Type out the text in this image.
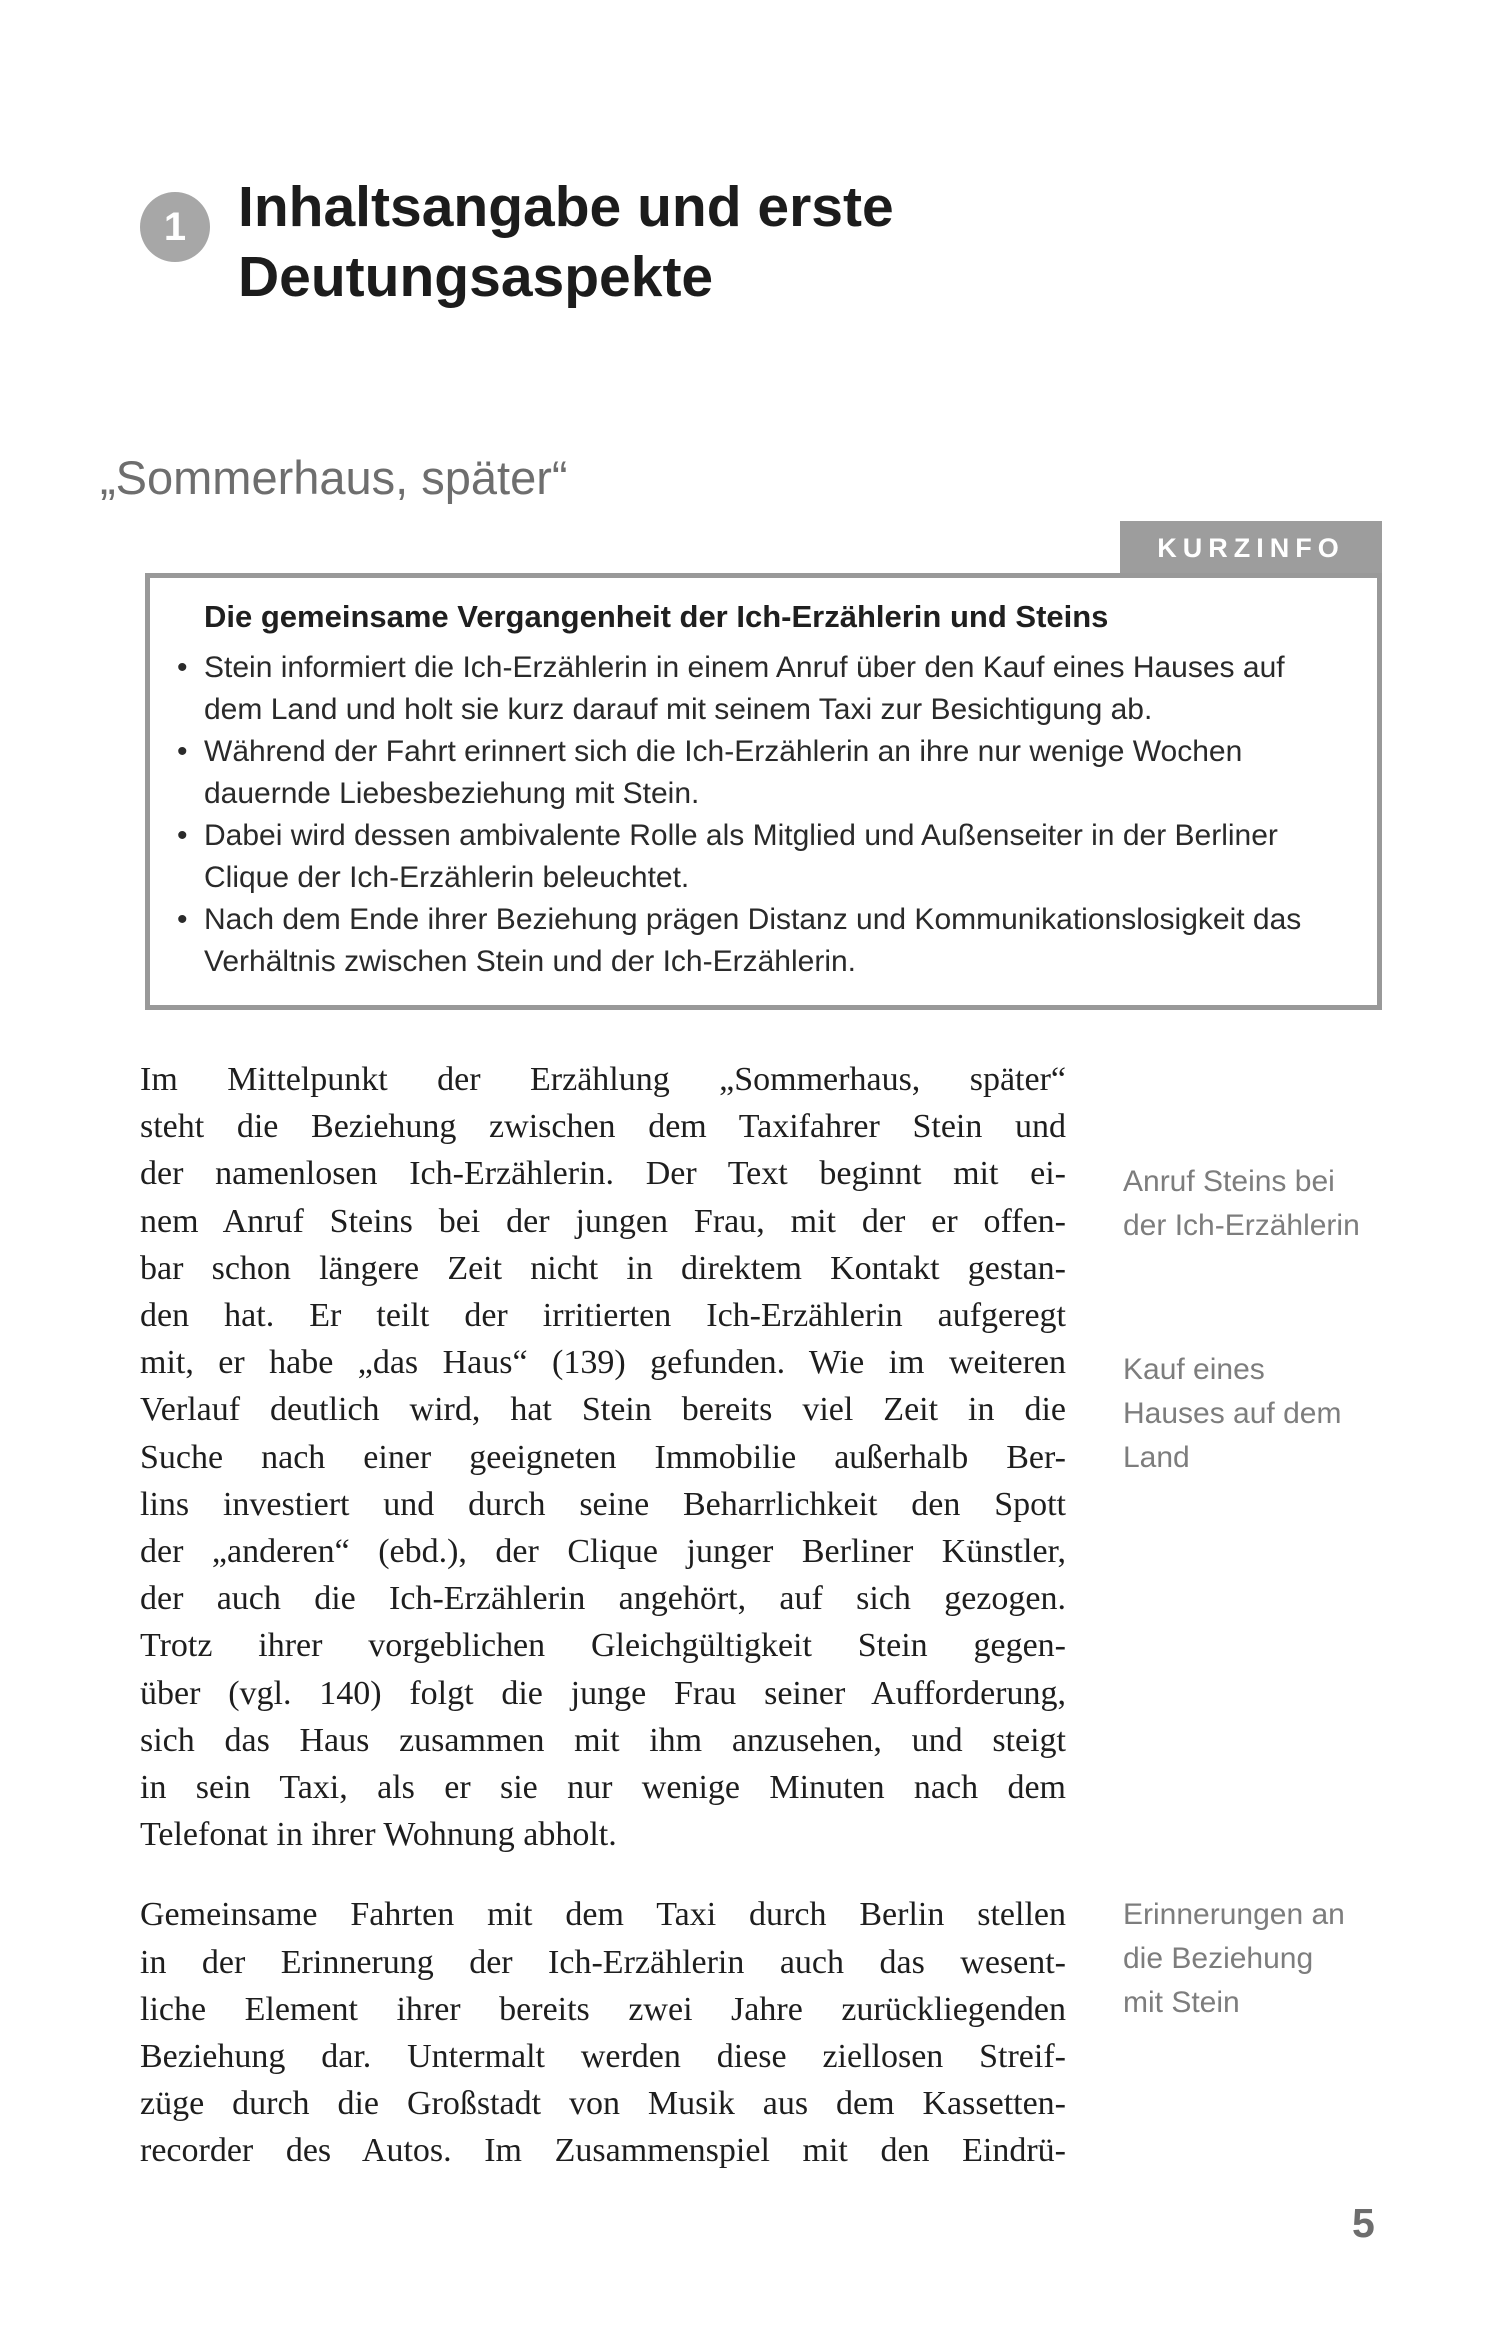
1 Inhaltsangabe und erste
Deutungsaspekte
„Sommerhaus, später“
KURZINFO
Die gemeinsame Vergangenheit der Ich-Erzählerin und Steins
• Stein informiert die Ich-Erzählerin in einem Anruf über den Kauf eines Hauses auf dem Land und holt sie kurz darauf mit seinem Taxi zur Besichtigung ab.
• Während der Fahrt erinnert sich die Ich-Erzählerin an ihre nur wenige Wochen dauernde Liebesbeziehung mit Stein.
• Dabei wird dessen ambivalente Rolle als Mitglied und Außenseiter in der Berliner Clique der Ich-Erzählerin beleuchtet.
• Nach dem Ende ihrer Beziehung prägen Distanz und Kommunikationslosigkeit das Verhältnis zwischen Stein und der Ich-Erzählerin.
Im Mittelpunkt der Erzählung „Sommerhaus, später“
steht die Beziehung zwischen dem Taxifahrer Stein und
der namenlosen Ich-Erzählerin. Der Text beginnt mit ei-
nem Anruf Steins bei der jungen Frau, mit der er offen-
bar schon längere Zeit nicht in direktem Kontakt gestan-
den hat. Er teilt der irritierten Ich-Erzählerin aufgeregt
mit, er habe „das Haus“ (139) gefunden. Wie im weiteren
Verlauf deutlich wird, hat Stein bereits viel Zeit in die
Suche nach einer geeigneten Immobilie außerhalb Ber-
lins investiert und durch seine Beharrlichkeit den Spott
der „anderen“ (ebd.), der Clique junger Berliner Künstler,
der auch die Ich-Erzählerin angehört, auf sich gezogen.
Trotz ihrer vorgeblichen Gleichgültigkeit Stein gegen-
über (vgl. 140) folgt die junge Frau seiner Aufforderung,
sich das Haus zusammen mit ihm anzusehen, und steigt
in sein Taxi, als er sie nur wenige Minuten nach dem
Telefonat in ihrer Wohnung abholt.
Gemeinsame Fahrten mit dem Taxi durch Berlin stellen
in der Erinnerung der Ich-Erzählerin auch das wesent-
liche Element ihrer bereits zwei Jahre zurückliegenden
Beziehung dar. Untermalt werden diese ziellosen Streif-
züge durch die Großstadt von Musik aus dem Kassetten-
recorder des Autos. Im Zusammenspiel mit den Eindrü-
Anruf Steins bei
der Ich-Erzählerin
Kauf eines
Hauses auf dem
Land
Erinnerungen an
die Beziehung
mit Stein
5
